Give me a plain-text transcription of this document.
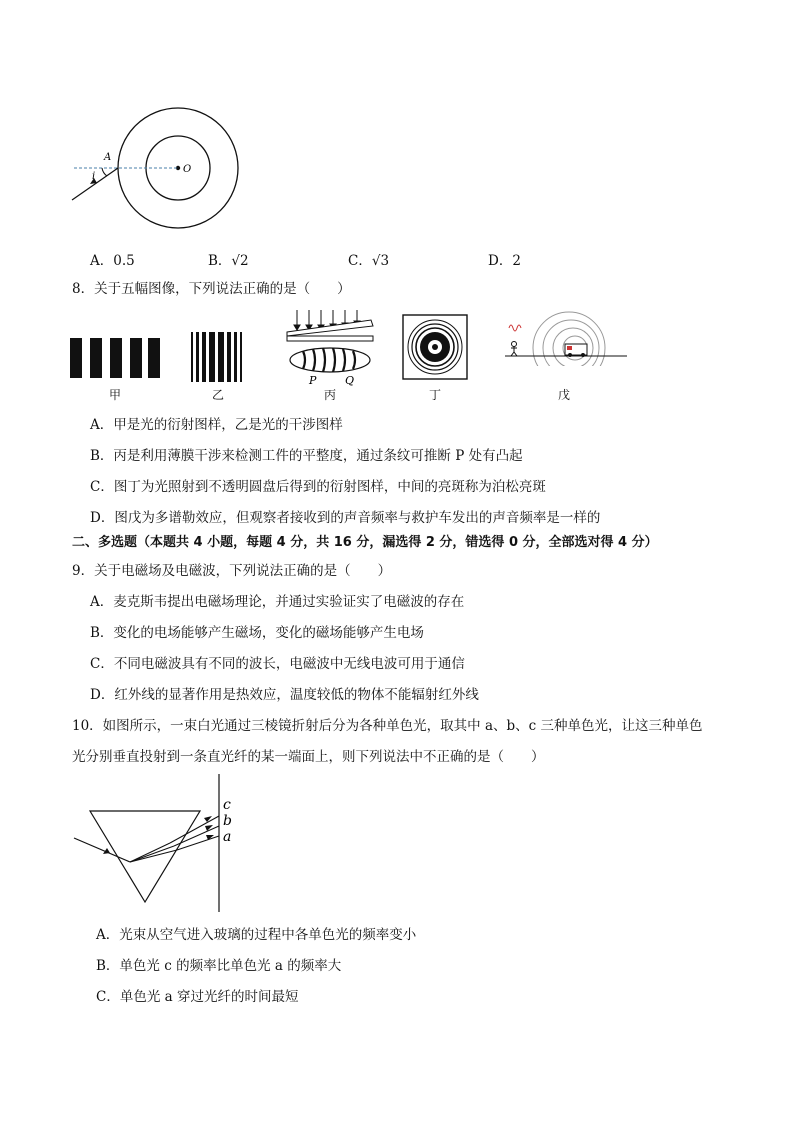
A
i
O
A．0.5	B．√2	C．√3	D．2
8．关于五幅图像，下列说法正确的是（　　）
P	Q
甲	乙	丙	丁	戊
A．甲是光的衍射图样，乙是光的干涉图样
B．丙是利用薄膜干涉来检测工件的平整度，通过条纹可推断 P 处有凸起
C．图丁为光照射到不透明圆盘后得到的衍射图样，中间的亮斑称为泊松亮斑
D．图戊为多谱勒效应，但观察者接收到的声音频率与救护车发出的声音频率是一样的
二、多选题（本题共 4 小题，每题 4 分，共 16 分，漏选得 2 分，错选得 0 分，全部选对得 4 分）
9．关于电磁场及电磁波，下列说法正确的是（　　）
A．麦克斯韦提出电磁场理论，并通过实验证实了电磁波的存在
B．变化的电场能够产生磁场，变化的磁场能够产生电场
C．不同电磁波具有不同的波长，电磁波中无线电波可用于通信
D．红外线的显著作用是热效应，温度较低的物体不能辐射红外线
10．如图所示，一束白光通过三棱镜折射后分为各种单色光，取其中 a、b、c 三种单色光，让这三种单色
光分别垂直投射到一条直光纤的某一端面上，则下列说法中不正确的是（　　）
c
b
a
A．光束从空气进入玻璃的过程中各单色光的频率变小
B．单色光 c 的频率比单色光 a 的频率大
C．单色光 a 穿过光纤的时间最短
